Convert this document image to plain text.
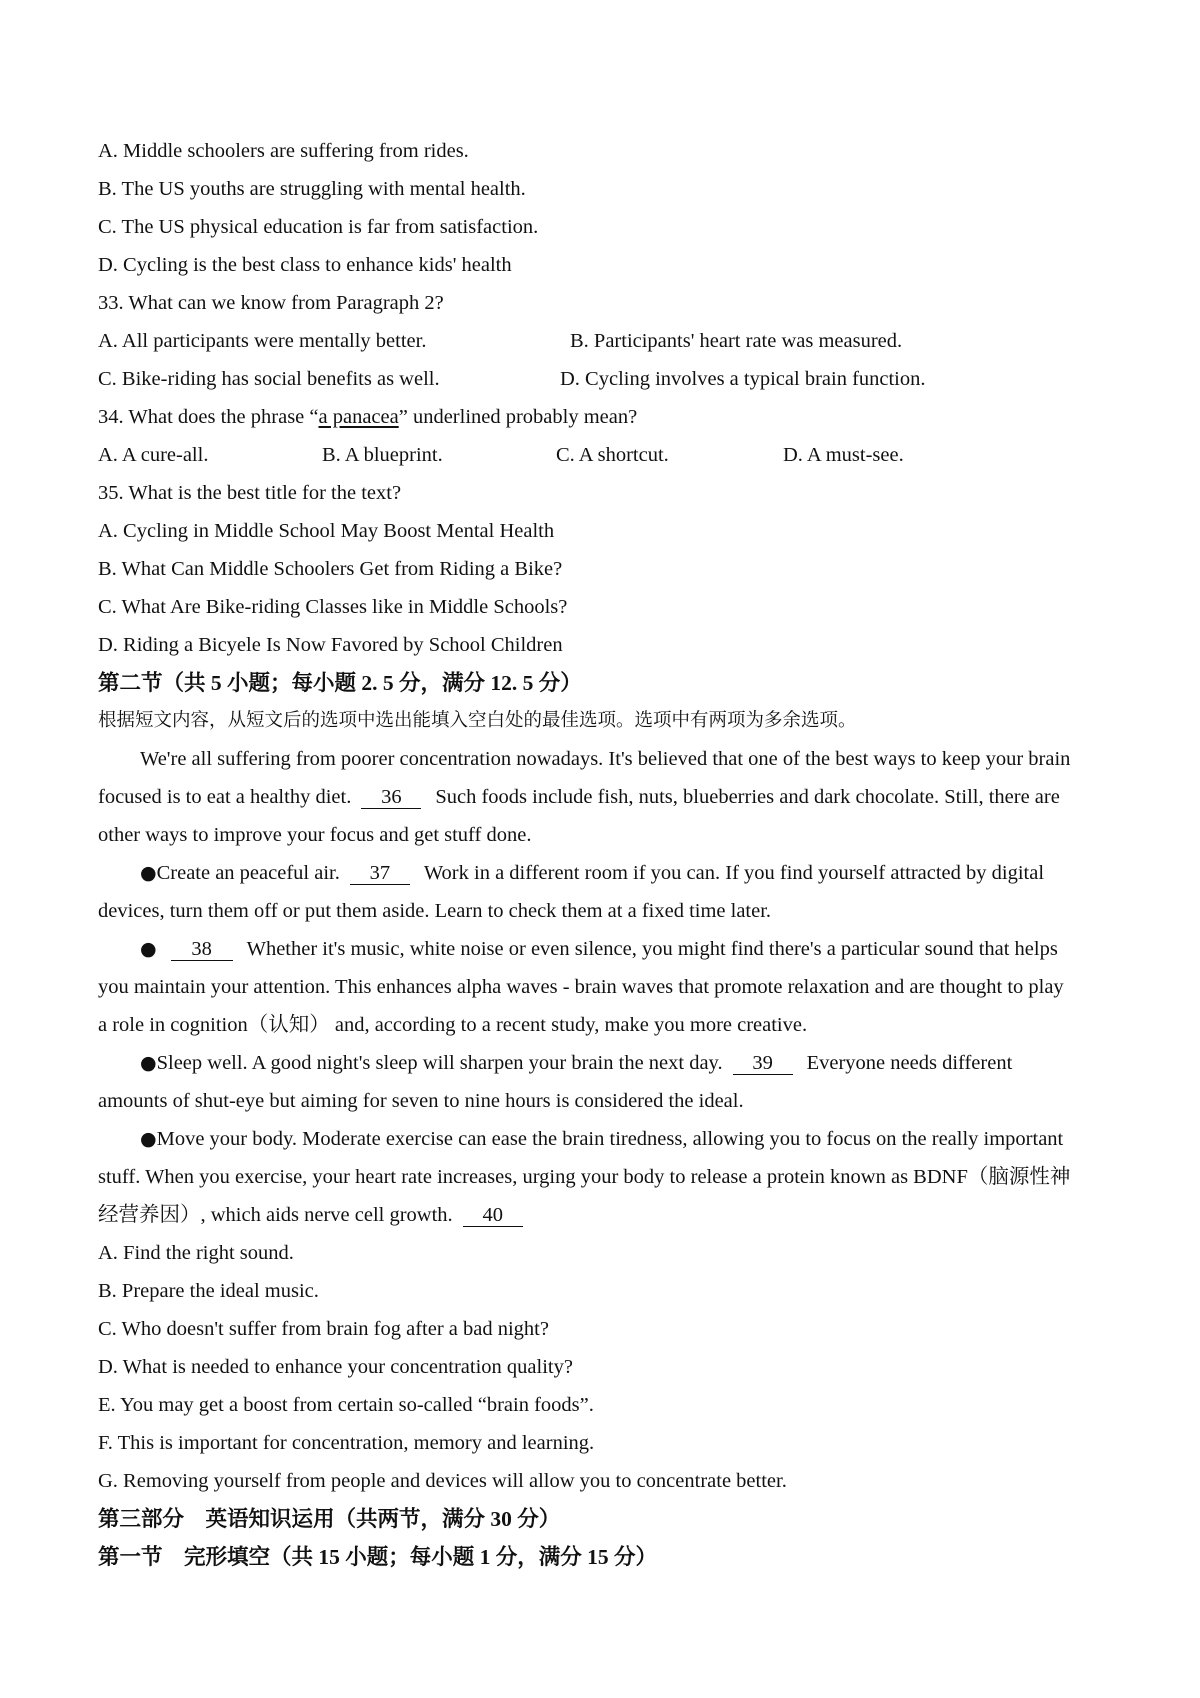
A. Middle schoolers are suffering from rides.
B. The US youths are struggling with mental health.
C. The US physical education is far from satisfaction.
D. Cycling is the best class to enhance kids' health
33. What can we know from Paragraph 2?
A. All participants were mentally better.	B. Participants' heart rate was measured.
C. Bike-riding has social benefits as well.	D. Cycling involves a typical brain function.
34. What does the phrase “a panacea” underlined probably mean?
A. A cure-all.	B. A blueprint.	C. A shortcut.	D. A must-see.
35. What is the best title for the text?
A. Cycling in Middle School May Boost Mental Health
B. What Can Middle Schoolers Get from Riding a Bike?
C. What Are Bike-riding Classes like in Middle Schools?
D. Riding a Bicyele Is Now Favored by School Children
第二节（共 5 小题；每小题 2. 5 分，满分 12. 5 分）
根据短文内容，从短文后的选项中选出能填入空白处的最佳选项。选项中有两项为多余选项。
We're all suffering from poorer concentration nowadays. It's believed that one of the best ways to keep your brain
focused is to eat a healthy diet. 36 Such foods include fish, nuts, blueberries and dark chocolate. Still, there are
other ways to improve your focus and get stuff done.
●Create an peaceful air. 37 Work in a different room if you can. If you find yourself attracted by digital
devices, turn them off or put them aside. Learn to check them at a fixed time later.
● 38 Whether it's music, white noise or even silence, you might find there's a particular sound that helps
you maintain your attention. This enhances alpha waves - brain waves that promote relaxation and are thought to play
a role in cognition（认知） and, according to a recent study, make you more creative.
●Sleep well. A good night's sleep will sharpen your brain the next day. 39 Everyone needs different
amounts of shut-eye but aiming for seven to nine hours is considered the ideal.
●Move your body. Moderate exercise can ease the brain tiredness, allowing you to focus on the really important
stuff. When you exercise, your heart rate increases, urging your body to release a protein known as BDNF（脑源性神
经营养因）, which aids nerve cell growth. 40
A. Find the right sound.
B. Prepare the ideal music.
C. Who doesn't suffer from brain fog after a bad night?
D. What is needed to enhance your concentration quality?
E. You may get a boost from certain so-called “brain foods”.
F. This is important for concentration, memory and learning.
G. Removing yourself from people and devices will allow you to concentrate better.
第三部分　英语知识运用（共两节，满分 30 分）
第一节　完形填空（共 15 小题；每小题 1 分，满分 15 分）
